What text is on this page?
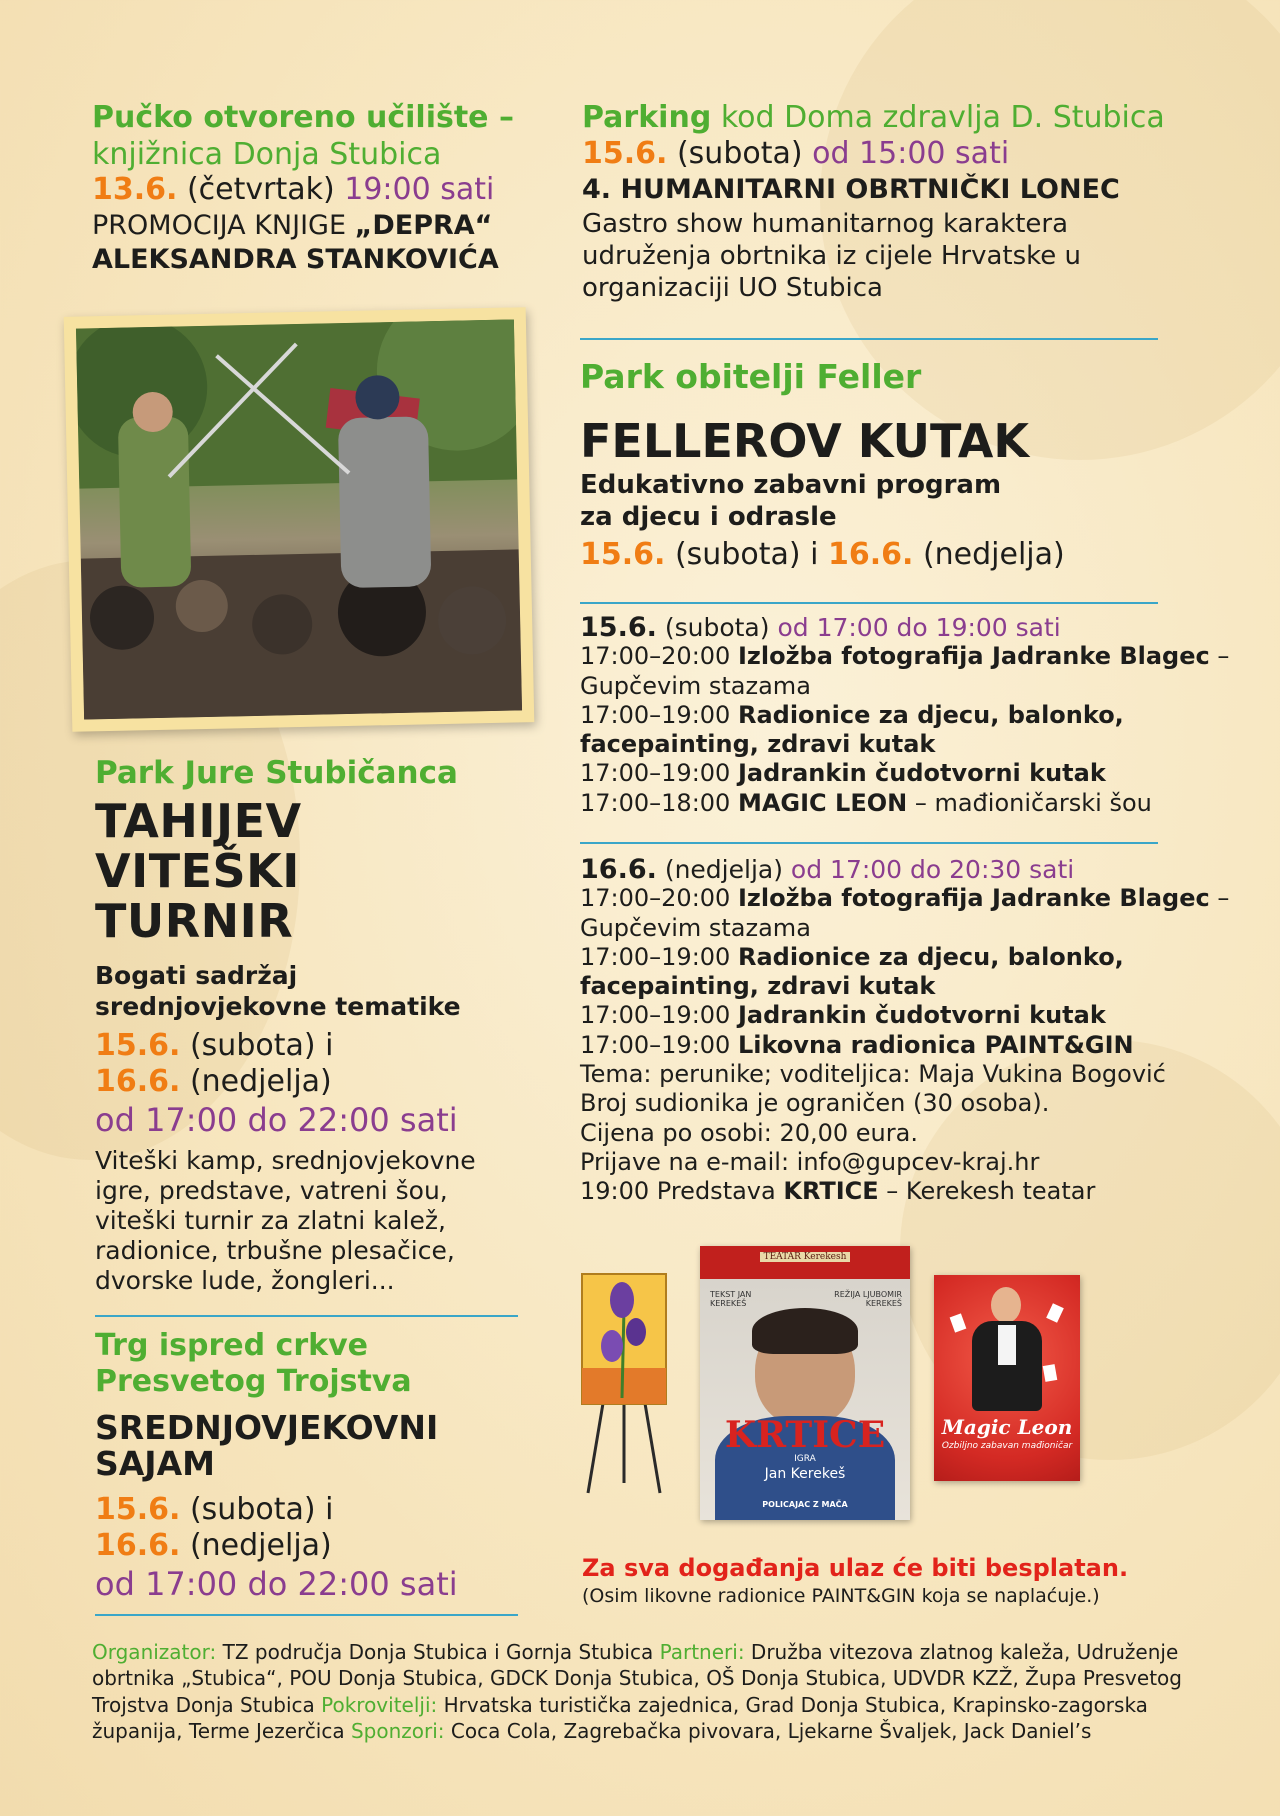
Pučko otvoreno učilište –
knjižnica Donja Stubica
13.6. (četvrtak) 19:00 sati
PROMOCIJA KNJIGE „DEPRA“
ALEKSANDRA STANKOVIĆA
Park Jure Stubičanca
TAHIJEV
VITEŠKI
TURNIR
Bogati sadržaj
srednjovjekovne tematike
15.6. (subota) i
16.6. (nedjelja)
od 17:00 do 22:00 sati
Viteški kamp, srednjovjekovne
igre, predstave, vatreni šou,
viteški turnir za zlatni kalež,
radionice, trbušne plesačice,
dvorske lude, žongleri...
Trg ispred crkve
Presvetog Trojstva
SREDNJOVJEKOVNI
SAJAM
15.6. (subota) i
16.6. (nedjelja)
od 17:00 do 22:00 sati
Parking kod Doma zdravlja D. Stubica
15.6. (subota) od 15:00 sati
4. HUMANITARNI OBRTNIČKI LONEC
Gastro show humanitarnog karaktera
udruženja obrtnika iz cijele Hrvatske u
organizaciji UO Stubica
Park obitelji Feller
FELLEROV KUTAK
Edukativno zabavni program
za djecu i odrasle
15.6. (subota) i 16.6. (nedjelja)
15.6. (subota) od 17:00 do 19:00 sati
17:00–20:00 Izložba fotografija Jadranke Blagec –
Gupčevim stazama
17:00–19:00 Radionice za djecu, balonko,
facepainting, zdravi kutak
17:00–19:00 Jadrankin čudotvorni kutak
17:00–18:00 MAGIC LEON – mađioničarski šou
16.6. (nedjelja) od 17:00 do 20:30 sati
17:00–20:00 Izložba fotografija Jadranke Blagec –
Gupčevim stazama
17:00–19:00 Radionice za djecu, balonko,
facepainting, zdravi kutak
17:00–19:00 Jadrankin čudotvorni kutak
17:00–19:00 Likovna radionica PAINT&GIN
Tema: perunike; voditeljica: Maja Vukina Bogović
Broj sudionika je ograničen (30 osoba).
Cijena po osobi: 20,00 eura.
Prijave na e-mail: info@gupcev-kraj.hr
19:00 Predstava KRTICE – Kerekesh teatar
TEATAR Kerekesh
TEKST JAN KEREKEŠ
REŽIJA LJUBOMIR KEREKEŠ
KRTICE
IGRA
Jan Kerekeš
POLICAJAC Z MAČA
Magic Leon
Ozbiljno zabavan mađioničar
Za sva događanja ulaz će biti besplatan.
(Osim likovne radionice PAINT&GIN koja se naplaćuje.)
Organizator: TZ područja Donja Stubica i Gornja Stubica Partneri: Družba vitezova zlatnog kaleža, Udruženje obrtnika „Stubica“, POU Donja Stubica, GDCK Donja Stubica, OŠ Donja Stubica, UDVDR KZŽ, Župa Presvetog Trojstva Donja Stubica Pokrovitelji: Hrvatska turistička zajednica, Grad Donja Stubica, Krapinsko-zagorska županija, Terme Jezerčica Sponzori: Coca Cola, Zagrebačka pivovara, Ljekarne Švaljek, Jack Daniel’s
